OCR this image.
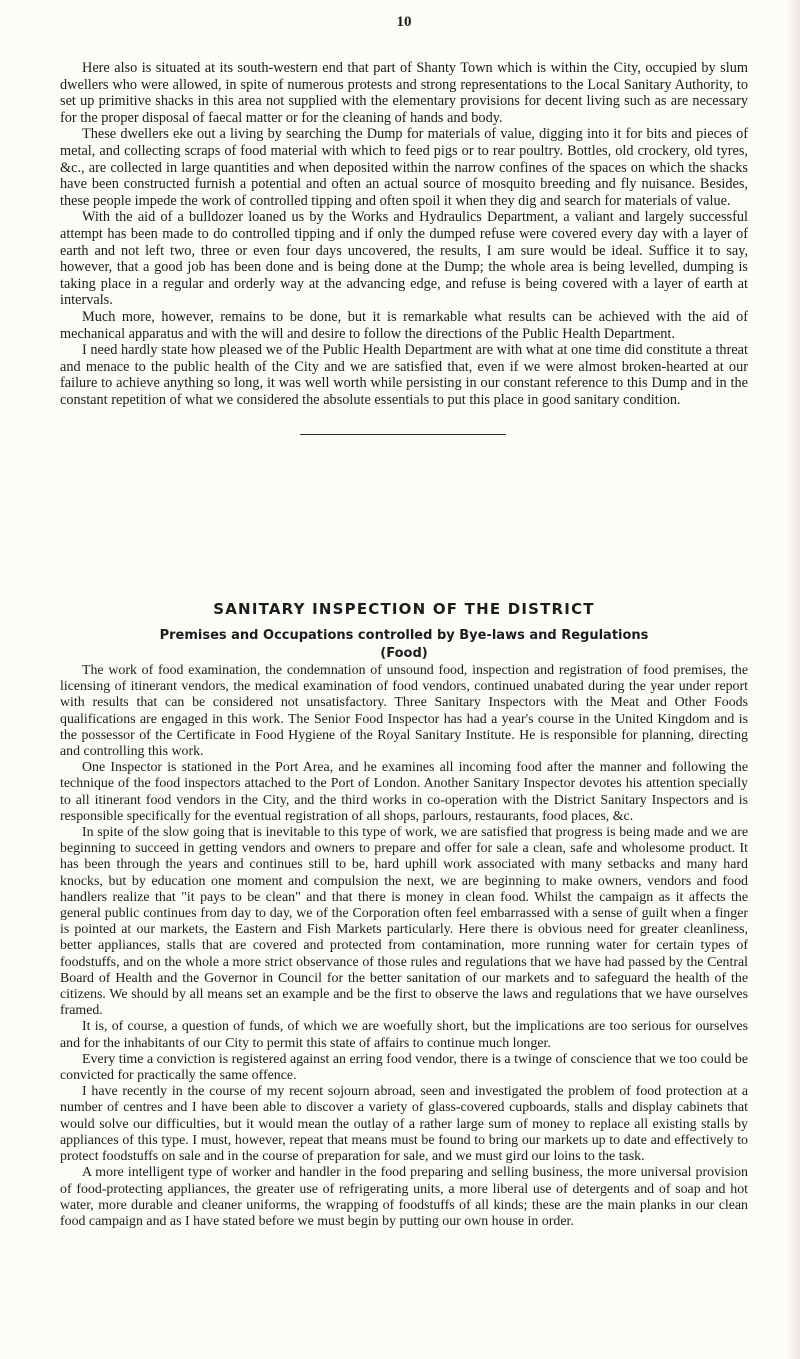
10

Here also is situated at its south-western end that part of Shanty Town which is within the City, occupied by slum dwellers who were allowed, in spite of numerous protests and strong representations to the Local Sanitary Authority, to set up primitive shacks in this area not supplied with the elementary provisions for decent living such as are necessary for the proper disposal of faecal matter or for the cleaning of hands and body.

These dwellers eke out a living by searching the Dump for materials of value, digging into it for bits and pieces of metal, and collecting scraps of food material with which to feed pigs or to rear poultry. Bottles, old crockery, old tyres, &c., are collected in large quantities and when deposited within the narrow confines of the spaces on which the shacks have been constructed furnish a potential and often an actual source of mosquito breeding and fly nuisance. Besides, these people impede the work of controlled tipping and often spoil it when they dig and search for materials of value.

With the aid of a bulldozer loaned us by the Works and Hydraulics Department, a valiant and largely successful attempt has been made to do controlled tipping and if only the dumped refuse were covered every day with a layer of earth and not left two, three or even four days uncovered, the results, I am sure would be ideal. Suffice it to say, however, that a good job has been done and is being done at the Dump; the whole area is being levelled, dumping is taking place in a regular and orderly way at the advancing edge, and refuse is being covered with a layer of earth at intervals.

Much more, however, remains to be done, but it is remarkable what results can be achieved with the aid of mechanical apparatus and with the will and desire to follow the directions of the Public Health Department.

I need hardly state how pleased we of the Public Health Department are with what at one time did constitute a threat and menace to the public health of the City and we are satisfied that, even if we were almost broken-hearted at our failure to achieve anything so long, it was well worth while persisting in our constant reference to this Dump and in the constant repetition of what we considered the absolute essentials to put this place in good sanitary condition.

SANITARY INSPECTION OF THE DISTRICT
Premises and Occupations controlled by Bye-laws and Regulations
(Food)

The work of food examination, the condemnation of unsound food, inspection and registration of food premises, the licensing of itinerant vendors, the medical examination of food vendors, continued unabated during the year under report with results that can be considered not unsatisfactory. Three Sanitary Inspectors with the Meat and Other Foods qualifications are engaged in this work. The Senior Food Inspector has had a year's course in the United Kingdom and is the possessor of the Certificate in Food Hygiene of the Royal Sanitary Institute. He is responsible for planning, directing and controlling this work.

One Inspector is stationed in the Port Area, and he examines all incoming food after the manner and following the technique of the food inspectors attached to the Port of London. Another Sanitary Inspector devotes his attention specially to all itinerant food vendors in the City, and the third works in co-operation with the District Sanitary Inspectors and is responsible specifically for the eventual registration of all shops, parlours, restaurants, food places, &c.

In spite of the slow going that is inevitable to this type of work, we are satisfied that progress is being made and we are beginning to succeed in getting vendors and owners to prepare and offer for sale a clean, safe and wholesome product. It has been through the years and continues still to be, hard uphill work associated with many setbacks and many hard knocks, but by education one moment and compulsion the next, we are beginning to make owners, vendors and food handlers realize that "it pays to be clean" and that there is money in clean food. Whilst the campaign as it affects the general public continues from day to day, we of the Corporation often feel embarrassed with a sense of guilt when a finger is pointed at our markets, the Eastern and Fish Markets particularly. Here there is obvious need for greater cleanliness, better appliances, stalls that are covered and protected from contamination, more running water for certain types of foodstuffs, and on the whole a more strict observance of those rules and regulations that we have had passed by the Central Board of Health and the Governor in Council for the better sanitation of our markets and to safeguard the health of the citizens. We should by all means set an example and be the first to observe the laws and regulations that we have ourselves framed.

It is, of course, a question of funds, of which we are woefully short, but the implications are too serious for ourselves and for the inhabitants of our City to permit this state of affairs to continue much longer.

Every time a conviction is registered against an erring food vendor, there is a twinge of conscience that we too could be convicted for practically the same offence.

I have recently in the course of my recent sojourn abroad, seen and investigated the problem of food protection at a number of centres and I have been able to discover a variety of glass-covered cupboards, stalls and display cabinets that would solve our difficulties, but it would mean the outlay of a rather large sum of money to replace all existing stalls by appliances of this type. I must, however, repeat that means must be found to bring our markets up to date and effectively to protect foodstuffs on sale and in the course of preparation for sale, and we must gird our loins to the task.

A more intelligent type of worker and handler in the food preparing and selling business, the more universal provision of food-protecting appliances, the greater use of refrigerating units, a more liberal use of detergents and of soap and hot water, more durable and cleaner uniforms, the wrapping of foodstuffs of all kinds; these are the main planks in our clean food campaign and as I have stated before we must begin by putting our own house in order.
